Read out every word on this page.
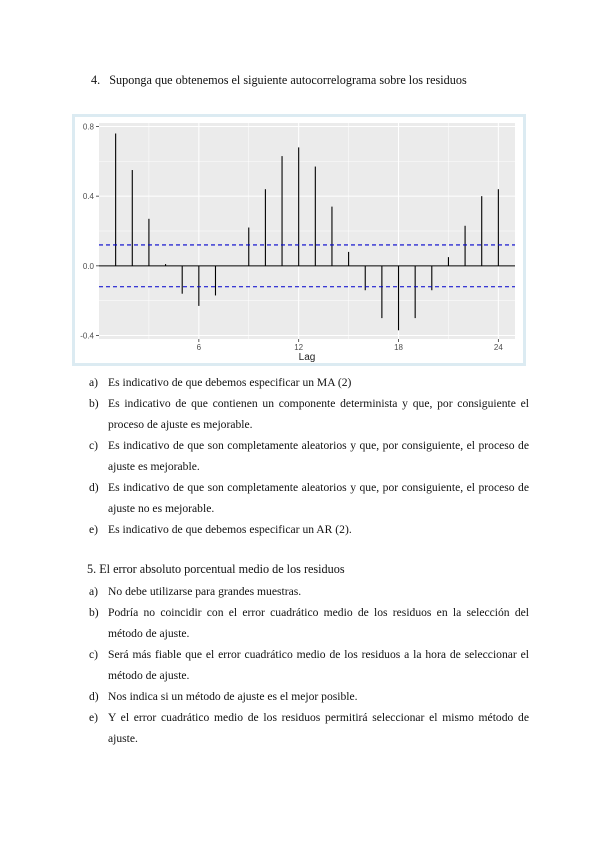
4. Suponga que obtenemos el siguiente autocorrelograma sobre los residuos
-0.4
0.0
0.4
0.8
6	12	18	24
Lag
a) Es indicativo de que debemos especificar un MA (2)
b) Es indicativo de que contienen un componente determinista y que, por consiguiente el proceso de ajuste es mejorable.
c) Es indicativo de que son completamente aleatorios y que, por consiguiente, el proceso de ajuste es mejorable.
d) Es indicativo de que son completamente aleatorios y que, por consiguiente, el proceso de ajuste no es mejorable.
e) Es indicativo de que debemos especificar un AR (2).
5. El error absoluto porcentual medio de los residuos
a) No debe utilizarse para grandes muestras.
b) Podría no coincidir con el error cuadrático medio de los residuos en la selección del método de ajuste.
c) Será más fiable que el error cuadrático medio de los residuos a la hora de seleccionar el método de ajuste.
d) Nos indica si un método de ajuste es el mejor posible.
e) Y el error cuadrático medio de los residuos permitirá seleccionar el mismo método de ajuste.
